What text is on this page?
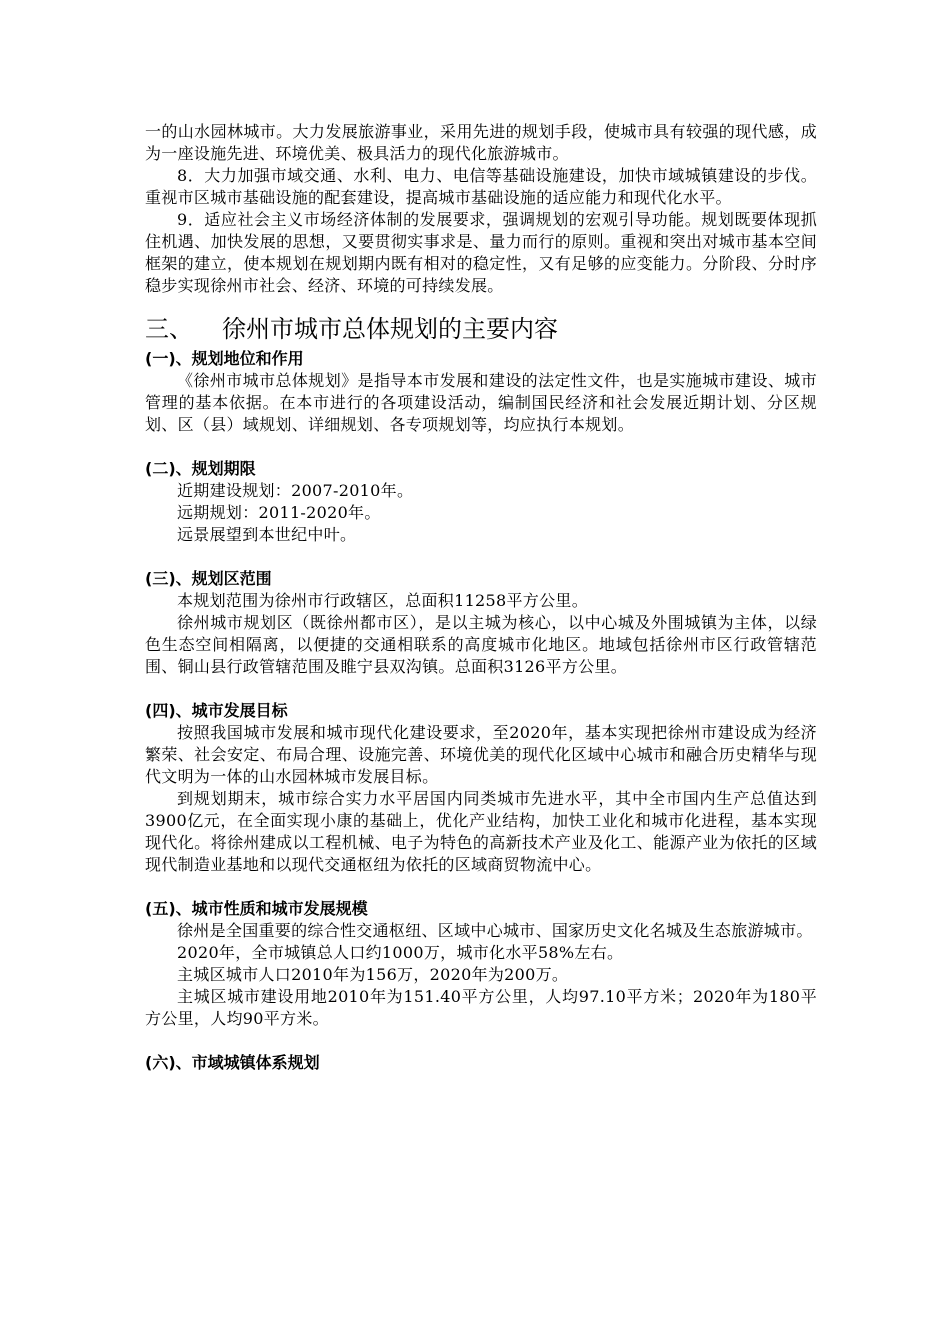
一的山水园林城市。大力发展旅游事业，采用先进的规划手段，使城市具有较强的现代感，成为一座设施先进、环境优美、极具活力的现代化旅游城市。

8．大力加强市域交通、水利、电力、电信等基础设施建设，加快市域城镇建设的步伐。重视市区城市基础设施的配套建设，提高城市基础设施的适应能力和现代化水平。

9．适应社会主义市场经济体制的发展要求，强调规划的宏观引导功能。规划既要体现抓住机遇、加快发展的思想，又要贯彻实事求是、量力而行的原则。重视和突出对城市基本空间框架的建立，使本规划在规划期内既有相对的稳定性，又有足够的应变能力。分阶段、分时序稳步实现徐州市社会、经济、环境的可持续发展。

三、 徐州市城市总体规划的主要内容
(一)、规划地位和作用

《徐州市城市总体规划》是指导本市发展和建设的法定性文件，也是实施城市建设、城市管理的基本依据。在本市进行的各项建设活动，编制国民经济和社会发展近期计划、分区规划、区（县）域规划、详细规划、各专项规划等，均应执行本规划。

(二)、规划期限

近期建设规划：2007-2010年。

远期规划：2011-2020年。

远景展望到本世纪中叶。

(三)、规划区范围

本规划范围为徐州市行政辖区，总面积11258平方公里。

徐州城市规划区（既徐州都市区），是以主城为核心，以中心城及外围城镇为主体，以绿色生态空间相隔离，以便捷的交通相联系的高度城市化地区。地域包括徐州市区行政管辖范围、铜山县行政管辖范围及睢宁县双沟镇。总面积3126平方公里。

(四)、城市发展目标

按照我国城市发展和城市现代化建设要求，至2020年，基本实现把徐州市建设成为经济繁荣、社会安定、布局合理、设施完善、环境优美的现代化区域中心城市和融合历史精华与现代文明为一体的山水园林城市发展目标。

到规划期末，城市综合实力水平居国内同类城市先进水平，其中全市国内生产总值达到3900亿元，在全面实现小康的基础上，优化产业结构，加快工业化和城市化进程，基本实现现代化。将徐州建成以工程机械、电子为特色的高新技术产业及化工、能源产业为依托的区域现代制造业基地和以现代交通枢纽为依托的区域商贸物流中心。

(五)、城市性质和城市发展规模

徐州是全国重要的综合性交通枢纽、区域中心城市、国家历史文化名城及生态旅游城市。

2020年，全市城镇总人口约1000万，城市化水平58%左右。

主城区城市人口2010年为156万，2020年为200万。

主城区城市建设用地2010年为151.40平方公里，人均97.10平方米；2020年为180平方公里，人均90平方米。

(六)、市域城镇体系规划
